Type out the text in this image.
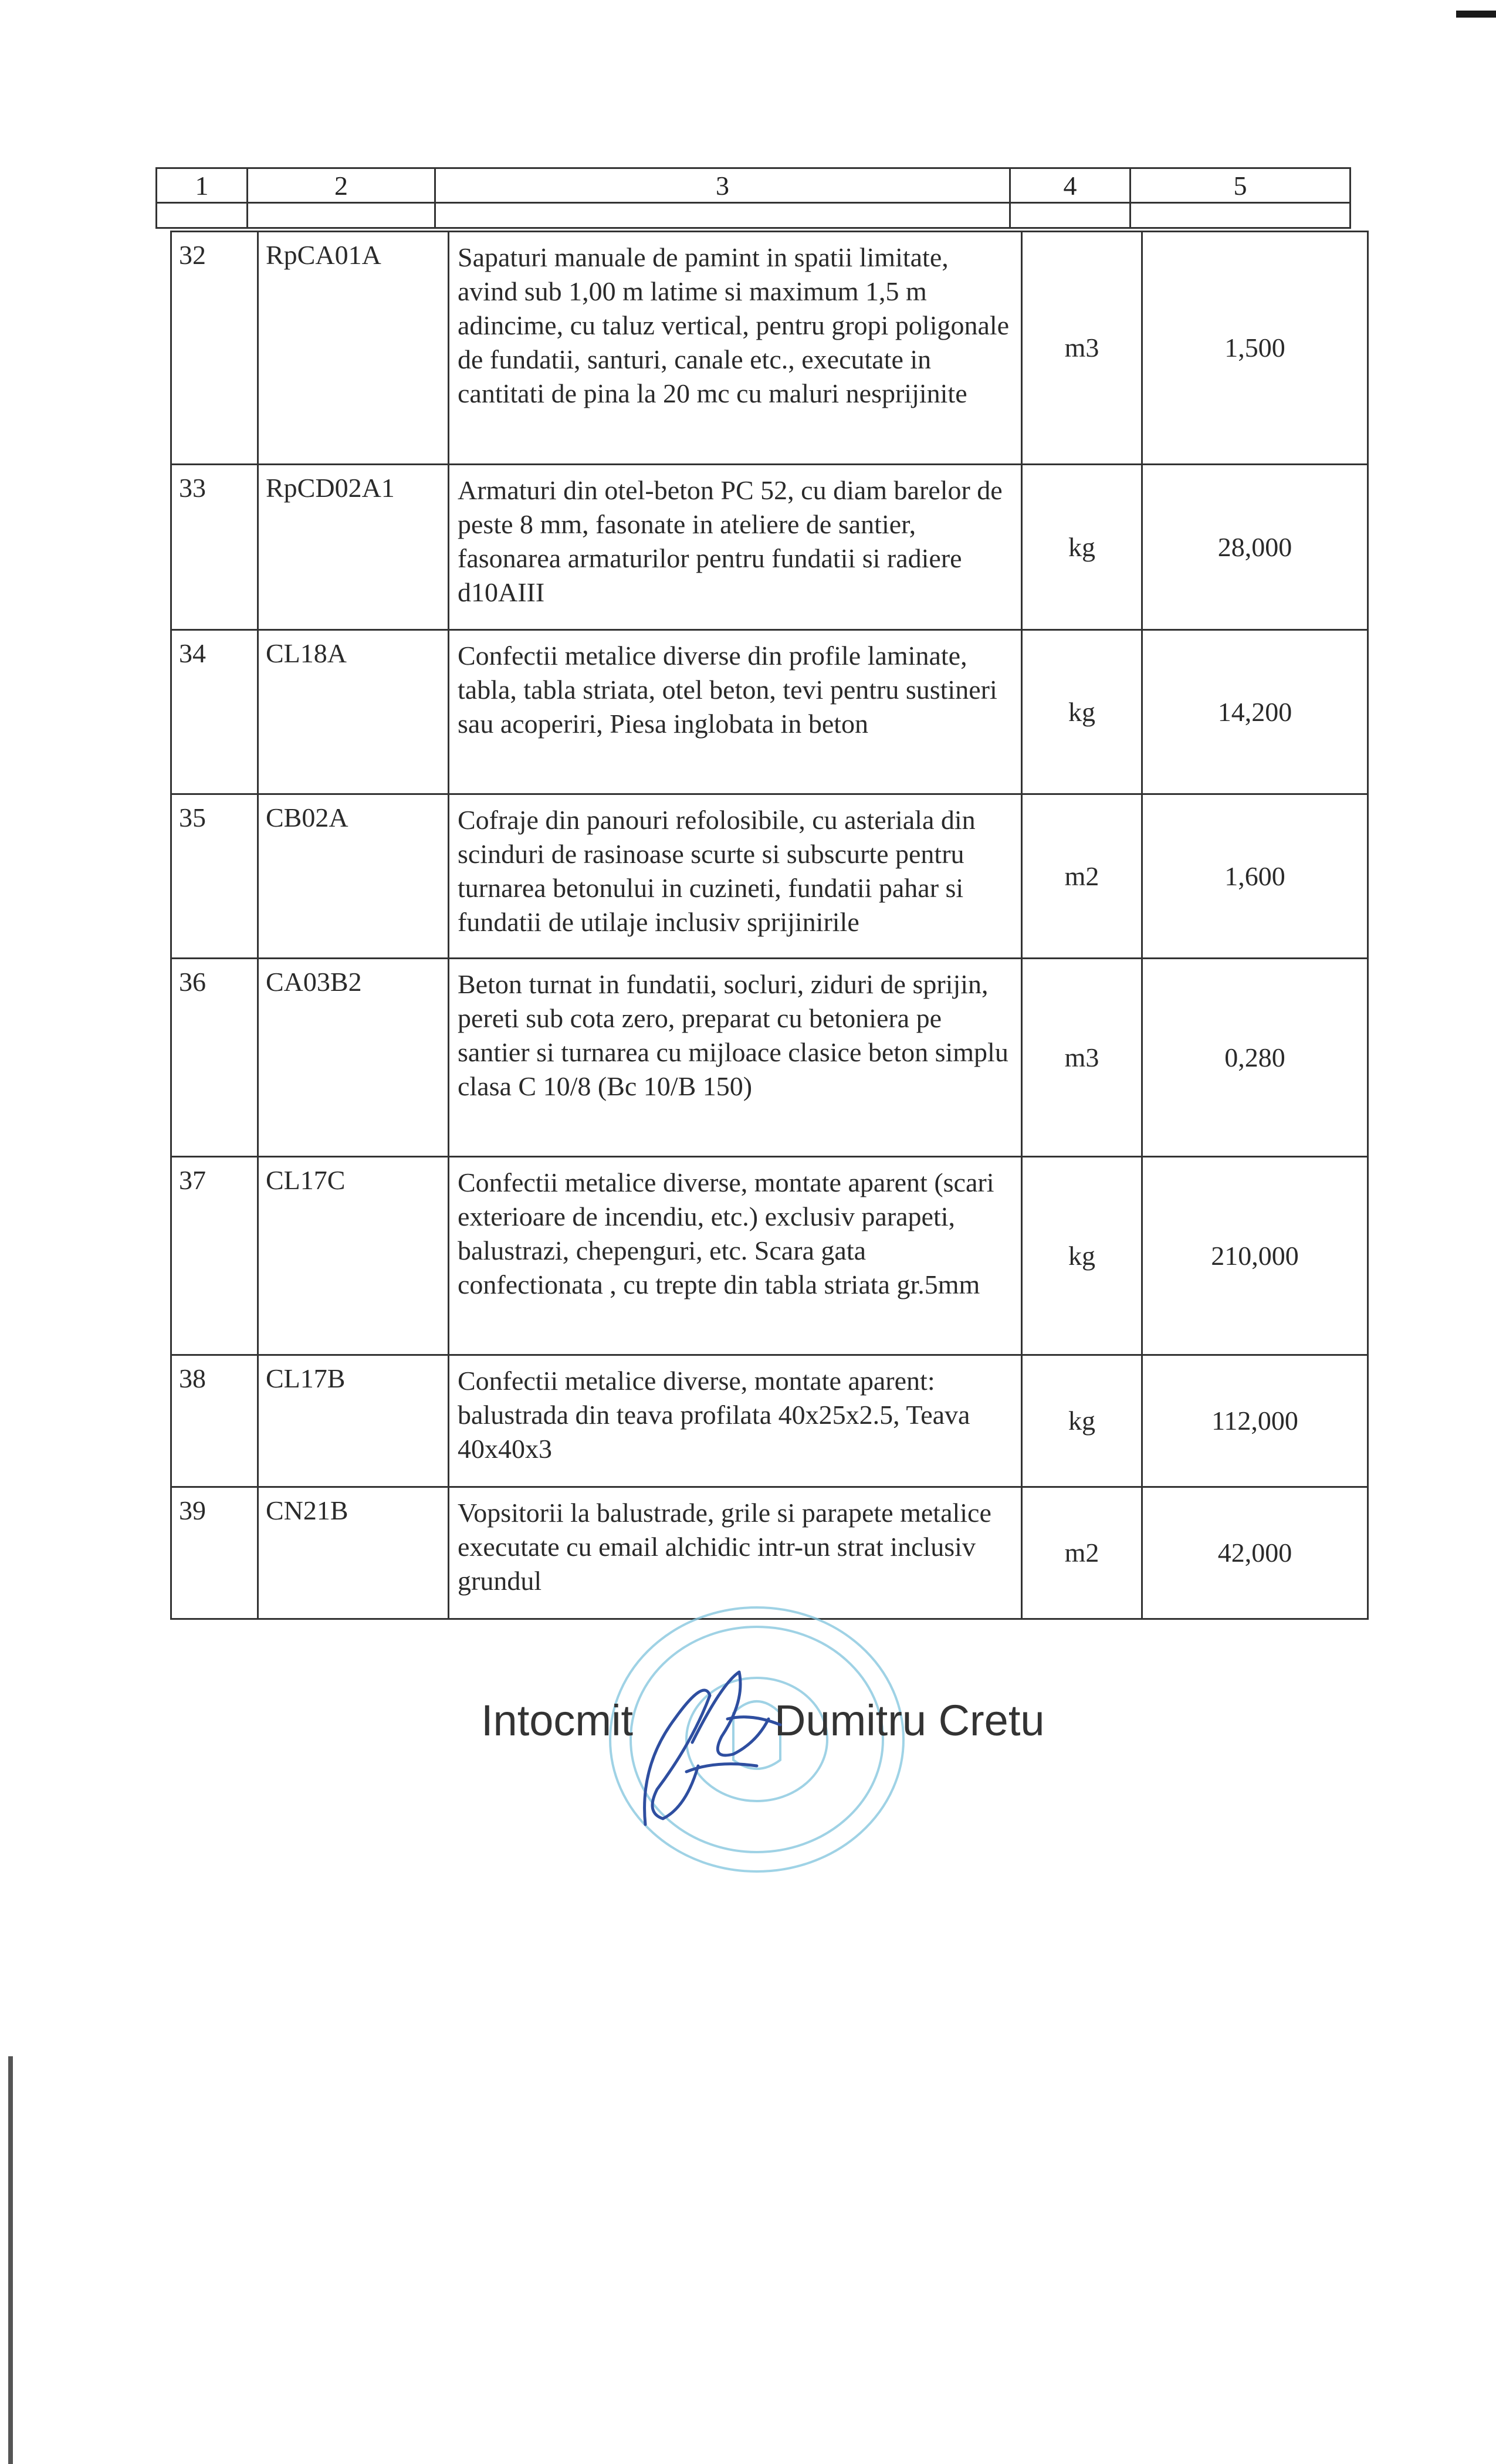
1	2	3	4	5

32	RpCA01A	Sapaturi manuale de pamint in spatii limitate, avind sub 1,00 m latime si maximum 1,5 m adincime, cu taluz vertical, pentru gropi poligonale de fundatii, santuri, canale etc., executate in cantitati de pina la 20 mc cu maluri nesprijinite	m3	1,500
33	RpCD02A1	Armaturi din otel-beton PC 52, cu diam barelor de peste 8 mm, fasonate in ateliere de santier, fasonarea armaturilor pentru fundatii si radiere d10AIII	kg	28,000
34	CL18A	Confectii metalice diverse din profile laminate, tabla, tabla striata, otel beton, tevi pentru sustineri sau acoperiri, Piesa inglobata in beton	kg	14,200
35	CB02A	Cofraje din panouri refolosibile, cu asteriala din scinduri de rasinoase scurte si subscurte pentru turnarea betonului in cuzineti, fundatii pahar si fundatii de utilaje inclusiv sprijinirile	m2	1,600
36	CA03B2	Beton turnat in fundatii, socluri, ziduri de sprijin, pereti sub cota zero, preparat cu betoniera pe santier si turnarea cu mijloace clasice beton simplu clasa C 10/8 (Bc 10/B 150)	m3	0,280
37	CL17C	Confectii metalice diverse, montate aparent (scari exterioare de incendiu, etc.) exclusiv parapeti, balustrazi, chepenguri, etc. Scara gata confectionata , cu trepte din tabla striata gr.5mm	kg	210,000
38	CL17B	Confectii metalice diverse, montate aparent: balustrada din teava profilata 40x25x2.5, Teava 40x40x3	kg	112,000
39	CN21B	Vopsitorii la balustrade, grile si parapete metalice executate cu email alchidic intr-un strat inclusiv grundul	m2	42,000
Intocmit	Dumitru Cretu
